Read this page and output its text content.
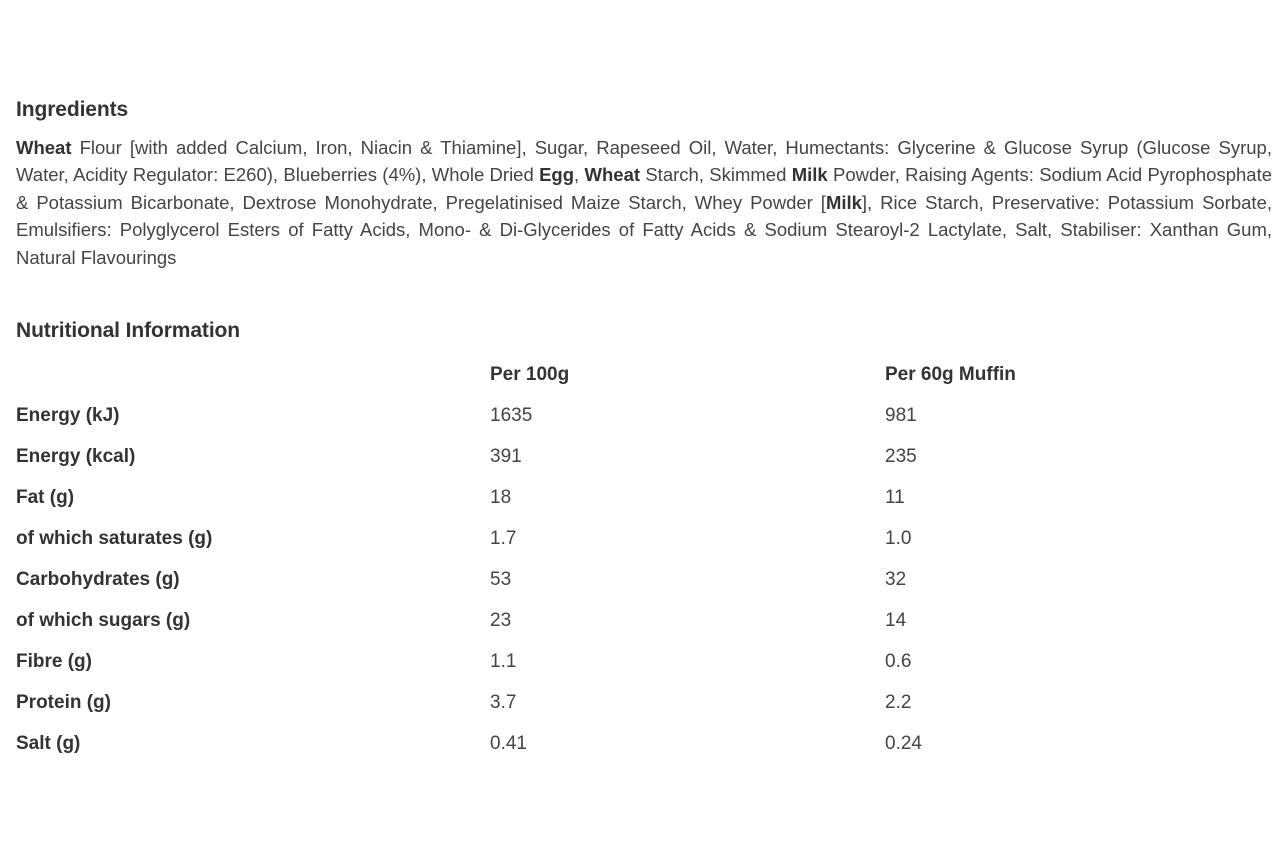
Ingredients

Wheat Flour [with added Calcium, Iron, Niacin & Thiamine], Sugar, Rapeseed Oil, Water, Humectants: Glycerine & Glucose Syrup (Glucose Syrup, Water, Acidity Regulator: E260), Blueberries (4%), Whole Dried Egg, Wheat Starch, Skimmed Milk Powder, Raising Agents: Sodium Acid Pyrophosphate & Potassium Bicarbonate, Dextrose Monohydrate, Pregelatinised Maize Starch, Whey Powder [Milk], Rice Starch, Preservative: Potassium Sorbate, Emulsifiers: Polyglycerol Esters of Fatty Acids, Mono- & Di-Glycerides of Fatty Acids & Sodium Stearoyl-2 Lactylate, Salt, Stabiliser: Xanthan Gum, Natural Flavourings

Nutritional Information
	Per 100g	Per 60g Muffin
Energy (kJ)	1635	981
Energy (kcal)	391	235
Fat (g)	18	11
of which saturates (g)	1.7	1.0
Carbohydrates (g)	53	32
of which sugars (g)	23	14
Fibre (g)	1.1	0.6
Protein (g)	3.7	2.2
Salt (g)	0.41	0.24
